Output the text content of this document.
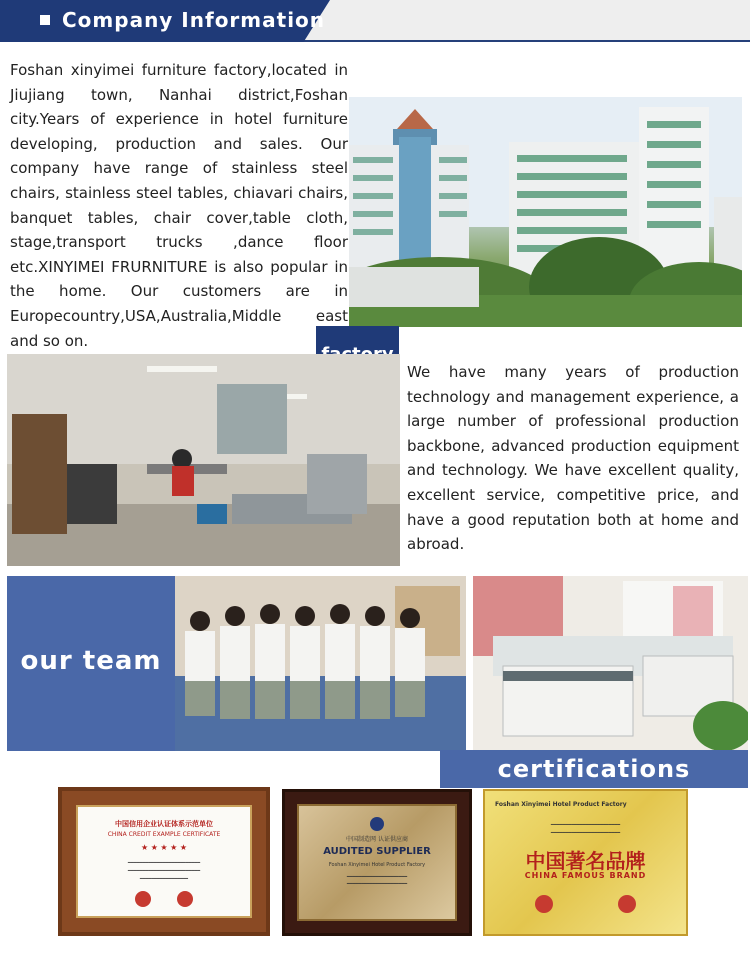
Company Information
Foshan xinyimei furniture factory,located in Jiujiang town, Nanhai district,Foshan city.Years of experience in hotel furniture developing, production and sales. Our company have range of stainless steel chairs, stainless steel tables, chiavari chairs, banquet tables, chair cover,table cloth, stage,transport trucks ,dance floor etc.XINYIMEI FRURNITURE is also popular in the home. Our customers are in Europecountry,USA,Australia,Middle east and so on.
We have many years of production technology and management experience, a large number of professional production backbone, advanced production equipment and technology. We have excellent quality, excellent service, competitive price, and have a good reputation both at home and abroad.
our team
certifications
中国信用企业认证体系示范单位
CHINA CREDIT EXAMPLE CERTIFICATE
★ ★ ★ ★ ★
━━━━━━━━━━━━━━━━━━━━━━━━
━━━━━━━━━━━━━━━━━━━━━━━━
━━━━━━━━━━━━━━━━

中国制造网 认证供应商
AUDITED SUPPLIER
Foshan Xinyimei Hotel Product Factory
━━━━━━━━━━━━━━━━━━━━
━━━━━━━━━━━━━━━━━━━━
Foshan Xinyimei Hotel Product Factory
━━━━━━━━━━━━━━━━━━━━━━━
━━━━━━━━━━━━━━━━━━━━━━━
中国著名品牌
CHINA FAMOUS BRAND
